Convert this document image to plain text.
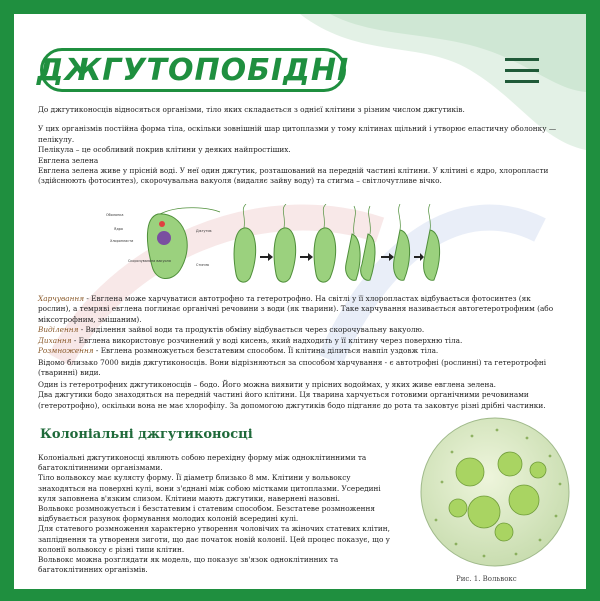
ДЖГУТОПОБІДНІ

До джгутиконосців відносяться організми, тіло яких складається з однієї клітини з різним числом джгутиків.

У цих організмів постійна форма тіла, оскільки зовнішній шар цитоплазми у тому клітинах щільний і утворює еластичну оболонку — пелікулу.

Пелікула – це особливий покрив клітини у деяких найпростіших.

Евглена зелена

Евглена зелена живе у прісній воді. У неї один джгутик, розташований на передній частині клітини. У клітині є ядро, хлоропласти (здійснюють фотосинтез), скорочувальна вакуоля (видаляє зайву воду) та стигма – світлочутливе вічко.

Оболонка
Ядро
Хлоропласти
Скорочувальна вакуоля
Джгутик
Стигма

Харчування - Евглена може харчуватися автотрофно та гетеротрофно. На світлі у її хлоропластах відбувається фотосинтез (як рослин), а темряві евглена поглинає органічні речовини з води (як тварини). Таке харчування називається автогетеротрофним (або міксотрофним, змішаним).

Виділення - Виділення зайвої води та продуктів обміну відбувається через скорочувальну вакуолю.

Дихання - Евглена використовує розчинений у воді кисень, який надходить у її клітину через поверхню тіла.

Розмноження - Евглена розмножується безстатевим способом. Її клітина ділиться навпіл уздовж тіла.

Відомо близько 7000 видів джгутиконосців. Вони відрізняються за способом харчування - є автотрофні (рослинні) та гетеротрофні (тваринні) види.

Один із гетеротрофних джгутиконосців – бодо. Його можна виявити у прісних водоймах, у яких живе евглена зелена.

Два джгутики бодо знаходяться на передній частині його клітини. Ця тварина харчується готовими органічними речовинами (гетеротрофно), оскільки вона не має хлорофілу. За допомогою джгутиків бодо підганяє до рота та заковтує різні дрібні частинки.

Колоніальні джгутиконосці

Колоніальні джгутиконосці являють собою перехідну форму між одноклітинними та багатоклітинними організмами.

Тіло вольвоксу має кулясту форму. Її діаметр близько 8 мм. Клітини у вольвоксу знаходяться на поверхні кулі, вони з'єднані між собою містками цитоплазми. Усередині куля заповнена в'язким слизом. Клітини мають джгутики, навернені назовні.

Вольвокс розмножується і безстатевим і статевим способом. Безстатеве розмноження відбувається разунок формування молодих колоній всередині кулі.

Для статевого розмноження характерно утворення чоловічих та жіночих статевих клітин, запліднення та утворення зиготи, що дає початок новій колонії. Цей процес показує, що у колонії вольвоксу є різні типи клітин.

Вольвокс можна розглядати як модель, що показує зв'язок одноклітинних та багатоклітинних організмів.

Рис. 1. Вольвокс
